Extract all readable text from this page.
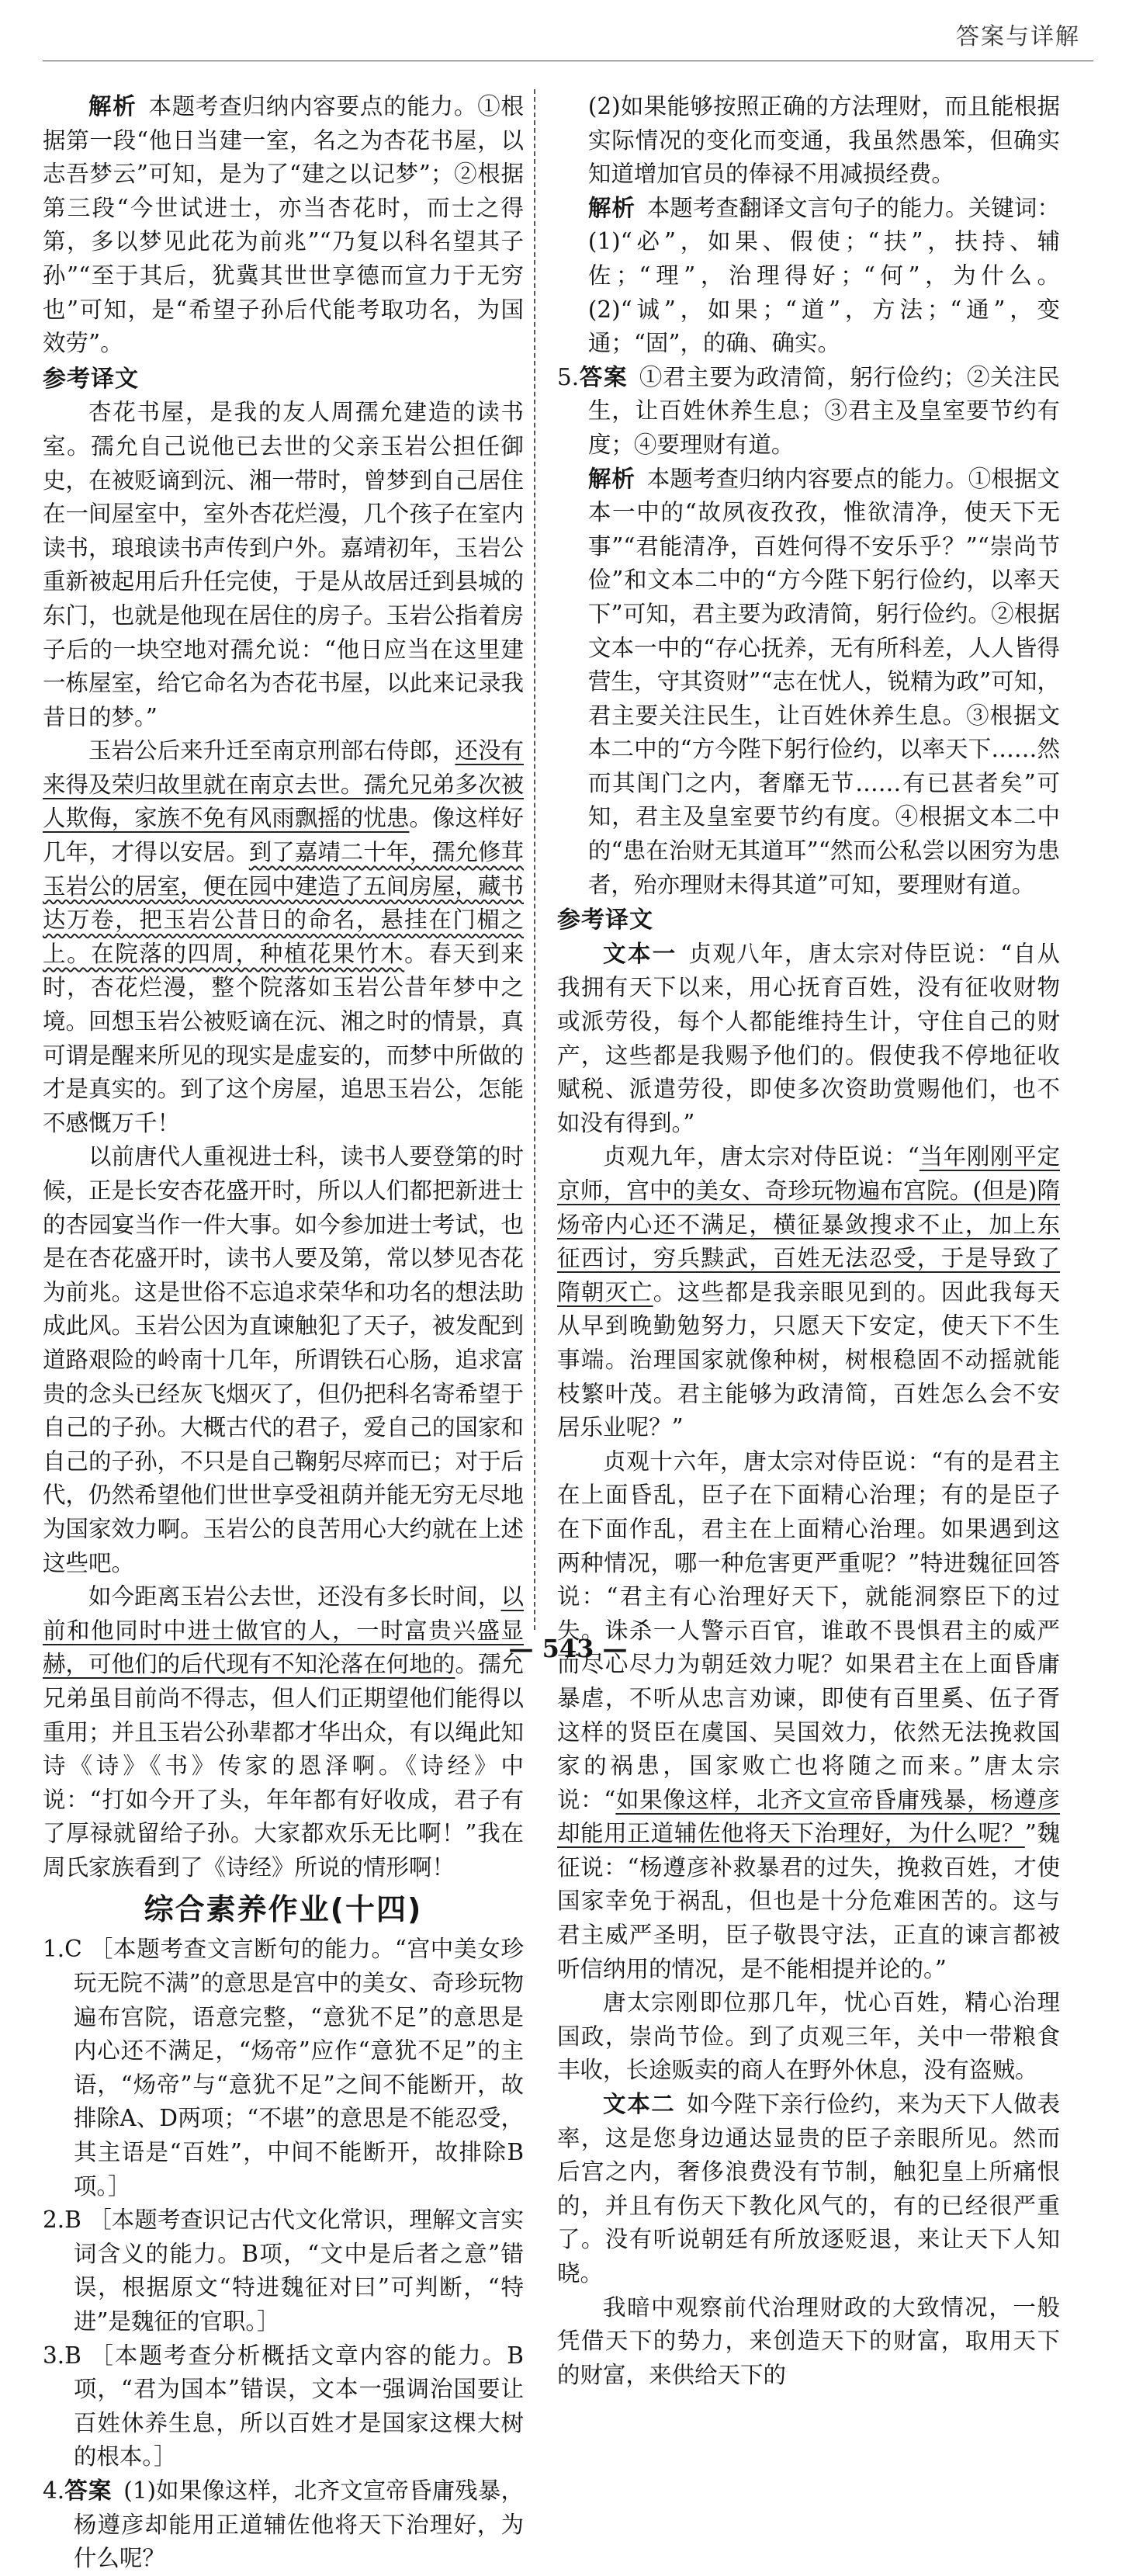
答案与详解

解析 本题考查归纳内容要点的能力。①根据第一段“他日当建一室，名之为杏花书屋，以志吾梦云”可知，是为了“建之以记梦”；②根据第三段“今世试进士，亦当杏花时，而士之得第，多以梦见此花为前兆”“乃复以科名望其子孙”“至于其后，犹冀其世世享德而宣力于无穷也”可知，是“希望子孙后代能考取功名，为国效劳”。

参考译文

杏花书屋，是我的友人周孺允建造的读书室。孺允自己说他已去世的父亲玉岩公担任御史，在被贬谪到沅、湘一带时，曾梦到自己居住在一间屋室中，室外杏花烂漫，几个孩子在室内读书，琅琅读书声传到户外。嘉靖初年，玉岩公重新被起用后升任完使，于是从故居迁到县城的东门，也就是他现在居住的房子。玉岩公指着房子后的一块空地对孺允说：“他日应当在这里建一栋屋室，给它命名为杏花书屋，以此来记录我昔日的梦。”

玉岩公后来升迁至南京刑部右侍郎，还没有来得及荣归故里就在南京去世。孺允兄弟多次被人欺侮，家族不免有风雨飘摇的忧患。像这样好几年，才得以安居。到了嘉靖二十年，孺允修茸玉岩公的居室，便在园中建造了五间房屋，藏书达万卷，把玉岩公昔日的命名，悬挂在门楣之上。在院落的四周，种植花果竹木。春天到来时，杏花烂漫，整个院落如玉岩公昔年梦中之境。回想玉岩公被贬谪在沅、湘之时的情景，真可谓是醒来所见的现实是虚妄的，而梦中所做的才是真实的。到了这个房屋，追思玉岩公，怎能不感慨万千！

以前唐代人重视进士科，读书人要登第的时候，正是长安杏花盛开时，所以人们都把新进士的杏园宴当作一件大事。如今参加进士考试，也是在杏花盛开时，读书人要及第，常以梦见杏花为前兆。这是世俗不忘追求荣华和功名的想法助成此风。玉岩公因为直谏触犯了天子，被发配到道路艰险的岭南十几年，所谓铁石心肠，追求富贵的念头已经灰飞烟灭了，但仍把科名寄希望于自己的子孙。大概古代的君子，爱自己的国家和自己的子孙，不只是自己鞠躬尽瘁而已；对于后代，仍然希望他们世世享受祖荫并能无穷无尽地为国家效力啊。玉岩公的良苦用心大约就在上述这些吧。

如今距离玉岩公去世，还没有多长时间，以前和他同时中进士做官的人，一时富贵兴盛显赫，可他们的后代现有不知沦落在何地的。孺允兄弟虽目前尚不得志，但人们正期望他们能得以重用；并且玉岩公孙辈都才华出众，有以绳此知诗《诗》《书》传家的恩泽啊。《诗经》中说：“打如今开了头，年年都有好收成，君子有了厚禄就留给子孙。大家都欢乐无比啊！”我在周氏家族看到了《诗经》所说的情形啊！

综合素养作业(十四)

1.C ［本题考查文言断句的能力。“宫中美女珍玩无院不满”的意思是宫中的美女、奇珍玩物遍布宫院，语意完整，“意犹不足”的意思是内心还不满足，“炀帝”应作“意犹不足”的主语，“炀帝”与“意犹不足”之间不能断开，故排除A、D两项；“不堪”的意思是不能忍受，其主语是“百姓”，中间不能断开，故排除B项。］

2.B ［本题考查识记古代文化常识，理解文言实词含义的能力。B项，“文中是后者之意”错误，根据原文“特进魏征对曰”可判断，“特进”是魏征的官职。］

3.B ［本题考查分析概括文章内容的能力。B项，“君为国本”错误，文本一强调治国要让百姓休养生息，所以百姓才是国家这棵大树的根本。］

4.答案 (1)如果像这样，北齐文宣帝昏庸残暴，杨遵彦却能用正道辅佐他将天下治理好，为什么呢？

(2)如果能够按照正确的方法理财，而且能根据实际情况的变化而变通，我虽然愚笨，但确实知道增加官员的俸禄不用减损经费。

解析 本题考查翻译文言句子的能力。关键词：(1)“必”，如果、假使；“扶”，扶持、辅佐；“理”，治理得好；“何”，为什么。(2)“诚”，如果；“道”，方法；“通”，变通；“固”，的确、确实。

5.答案 ①君主要为政清简，躬行俭约；②关注民生，让百姓休养生息；③君主及皇室要节约有度；④要理财有道。

解析 本题考查归纳内容要点的能力。①根据文本一中的“故夙夜孜孜，惟欲清净，使天下无事”“君能清净，百姓何得不安乐乎？”“崇尚节俭”和文本二中的“方今陛下躬行俭约，以率天下”可知，君主要为政清简，躬行俭约。②根据文本一中的“存心抚养，无有所科差，人人皆得营生，守其资财”“志在忧人，锐精为政”可知，君主要关注民生，让百姓休养生息。③根据文本二中的“方今陛下躬行俭约，以率天下……然而其闺门之内，奢靡无节……有已甚者矣”可知，君主及皇室要节约有度。④根据文本二中的“患在治财无其道耳”“然而公私尝以困穷为患者，殆亦理财未得其道”可知，要理财有道。

参考译文

文本一 贞观八年，唐太宗对侍臣说：“自从我拥有天下以来，用心抚育百姓，没有征收财物或派劳役，每个人都能维持生计，守住自己的财产，这些都是我赐予他们的。假使我不停地征收赋税、派遣劳役，即使多次资助赏赐他们，也不如没有得到。”

贞观九年，唐太宗对侍臣说：“当年刚刚平定京师，宫中的美女、奇珍玩物遍布宫院。(但是)隋炀帝内心还不满足，横征暴敛搜求不止，加上东征西讨，穷兵黩武，百姓无法忍受，于是导致了隋朝灭亡。这些都是我亲眼见到的。因此我每天从早到晚勤勉努力，只愿天下安定，使天下不生事端。治理国家就像种树，树根稳固不动摇就能枝繁叶茂。君主能够为政清简，百姓怎么会不安居乐业呢？”

贞观十六年，唐太宗对侍臣说：“有的是君主在上面昏乱，臣子在下面精心治理；有的是臣子在下面作乱，君主在上面精心治理。如果遇到这两种情况，哪一种危害更严重呢？”特进魏征回答说：“君主有心治理好天下，就能洞察臣下的过失。诛杀一人警示百官，谁敢不畏惧君主的威严而尽心尽力为朝廷效力呢？如果君主在上面昏庸暴虐，不听从忠言劝谏，即使有百里奚、伍子胥这样的贤臣在虞国、吴国效力，依然无法挽救国家的祸患，国家败亡也将随之而来。”唐太宗说：“如果像这样，北齐文宣帝昏庸残暴，杨遵彦却能用正道辅佐他将天下治理好，为什么呢？”魏征说：“杨遵彦补救暴君的过失，挽救百姓，才使国家幸免于祸乱，但也是十分危难困苦的。这与君主威严圣明，臣子敬畏守法，正直的谏言都被听信纳用的情况，是不能相提并论的。”

唐太宗刚即位那几年，忧心百姓，精心治理国政，崇尚节俭。到了贞观三年，关中一带粮食丰收，长途贩卖的商人在野外休息，没有盗贼。

文本二 如今陛下亲行俭约，来为天下人做表率，这是您身边通达显贵的臣子亲眼所见。然而后宫之内，奢侈浪费没有节制，触犯皇上所痛恨的，并且有伤天下教化风气的，有的已经很严重了。没有听说朝廷有所放逐贬退，来让天下人知晓。

我暗中观察前代治理财政的大致情况，一般凭借天下的势力，来创造天下的财富，取用天下的财富，来供给天下的

— 543 —
